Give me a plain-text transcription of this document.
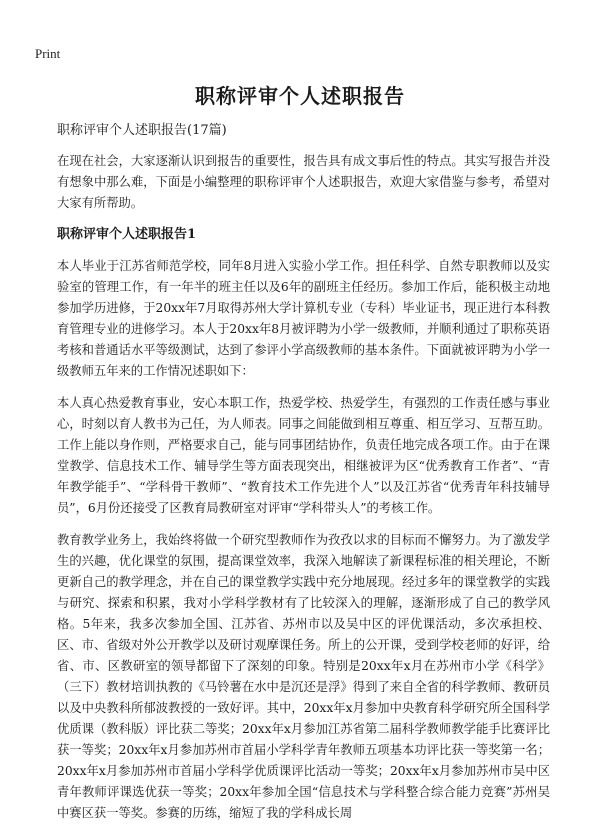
Print
职称评审个人述职报告

职称评审个人述职报告(17篇)

在现在社会，大家逐渐认识到报告的重要性，报告具有成文事后性的特点。其实写报告并没有想象中那么难，下面是小编整理的职称评审个人述职报告，欢迎大家借鉴与参考，希望对大家有所帮助。

职称评审个人述职报告1

本人毕业于江苏省师范学校，同年8月进入实验小学工作。担任科学、自然专职教师以及实验室的管理工作，有一年半的班主任以及6年的副班主任经历。参加工作后，能积极主动地参加学历进修，于20xx年7月取得苏州大学计算机专业（专科）毕业证书，现正进行本科教育管理专业的进修学习。本人于20xx年8月被评聘为小学一级教师，并顺利通过了职称英语考核和普通话水平等级测试，达到了参评小学高级教师的基本条件。下面就被评聘为小学一级教师五年来的工作情况述职如下：

本人真心热爱教育事业，安心本职工作，热爱学校、热爱学生，有强烈的工作责任感与事业心，时刻以育人教书为己任，为人师表。同事之间能做到相互尊重、相互学习、互帮互助。工作上能以身作则，严格要求自己，能与同事团结协作，负责任地完成各项工作。由于在课堂教学、信息技术工作、辅导学生等方面表现突出，相继被评为区“优秀教育工作者”、“青年教学能手”、“学科骨干教师”、“教育技术工作先进个人”以及江苏省“优秀青年科技辅导员”，6月份还接受了区教育局教研室对评审“学科带头人”的考核工作。

教育教学业务上，我始终将做一个研究型教师作为孜孜以求的目标而不懈努力。为了激发学生的兴趣，优化课堂的氛围，提高课堂效率，我深入地解读了新课程标准的相关理论，不断更新自己的教学理念，并在自己的课堂教学实践中充分地展现。经过多年的课堂教学的实践与研究、探索和积累，我对小学科学教材有了比较深入的理解，逐渐形成了自己的教学风格。5年来，我多次参加全国、江苏省、苏州市以及吴中区的评优课活动，多次承担校、区、市、省级对外公开教学以及研讨观摩课任务。所上的公开课，受到学校老师的好评，给省、市、区教研室的领导都留下了深刻的印象。特别是20xx年x月在苏州市小学《科学》（三下）教材培训执教的《马铃薯在水中是沉还是浮》得到了来自全省的科学教师、教研员以及中央教科所郁波教授的一致好评。其中，20xx年x月参加中央教育科学研究所全国科学优质课（教科版）评比获二等奖；20xx年x月参加江苏省第二届科学教师教学能手比赛评比获一等奖；20xx年x月参加苏州市首届小学科学青年教师五项基本功评比获一等奖第一名；20xx年x月参加苏州市首届小学科学优质课评比活动一等奖；20xx年x月参加苏州市吴中区青年教师评课选优获一等奖；20xx年参加全国“信息技术与学科整合综合能力竞赛”苏州吴中赛区获一等奖。参赛的历练，缩短了我的学科成长周
